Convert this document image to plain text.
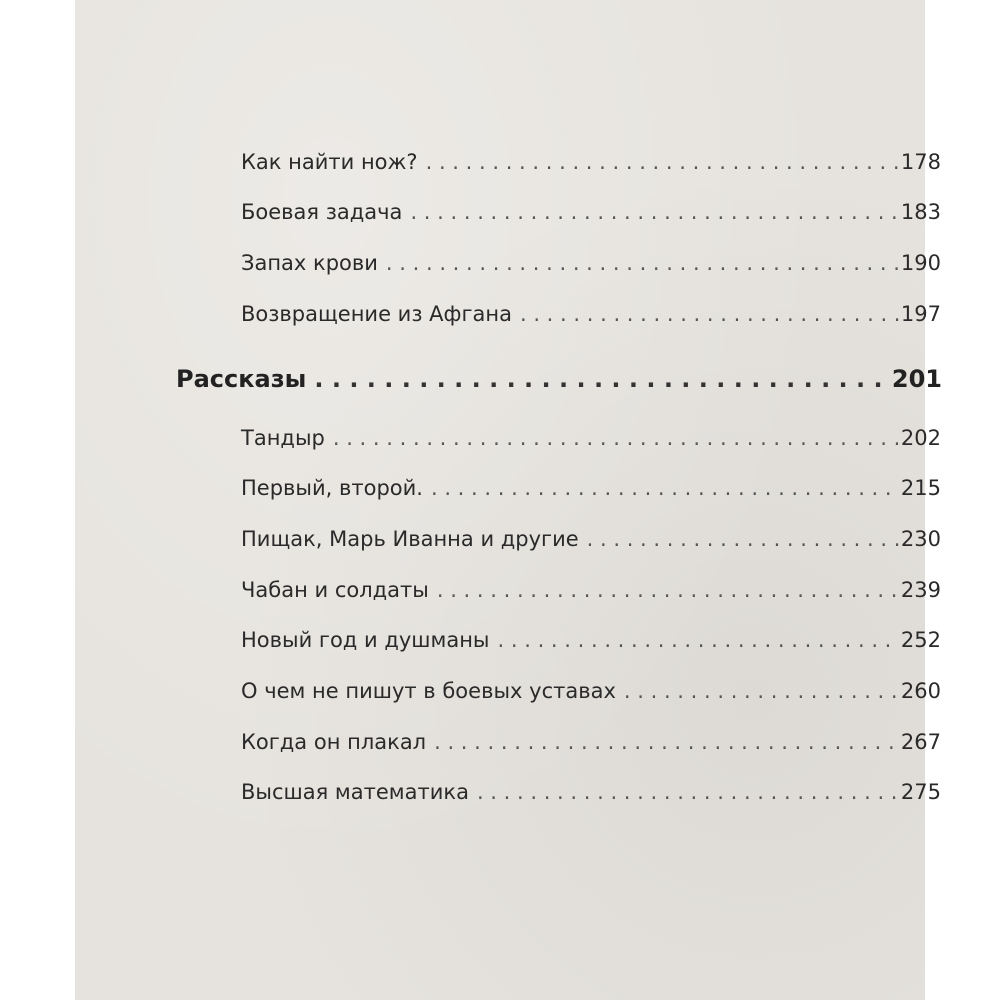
Как найти нож? . . .	178
Боевая задача . . .	183
Запах крови . . .	190
Возвращение из Афгана . . .	197
Рассказы . . .	201
Тандыр . . .	202
Первый, второй. . . .	215
Пищак, Марь Иванна и другие . . .	230
Чабан и солдаты . . .	239
Новый год и душманы . . .	252
О чем не пишут в боевых уставах . . .	260
Когда он плакал . . .	267
Высшая математика . . .	275
